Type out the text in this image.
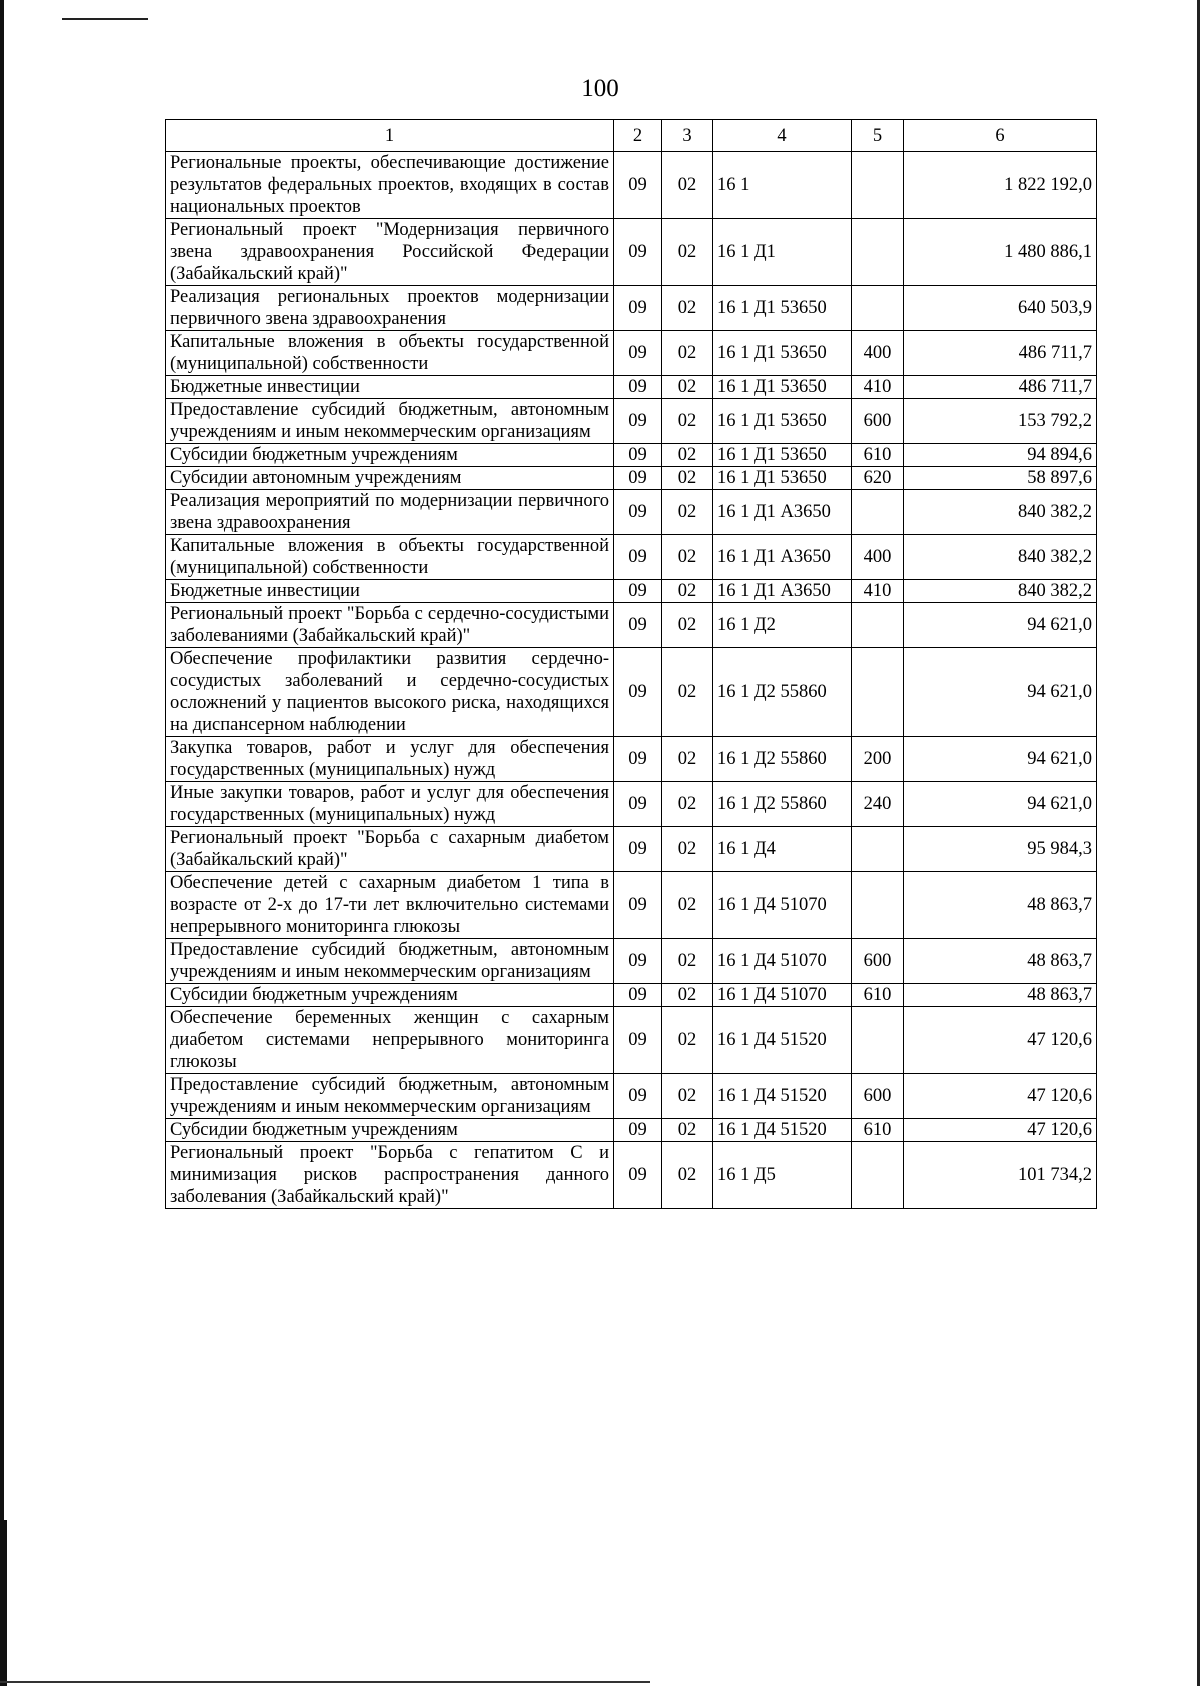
100
1	2	3	4	5	6
Региональные проекты, обеспечивающие достижение результатов федеральных проектов, входящих в состав национальных проектов	09	02	16 1		1 822 192,0
Региональный проект "Модернизация первичного звена здравоохранения Российской Федерации (Забайкальский край)"	09	02	16 1 Д1		1 480 886,1
Реализация региональных проектов модернизации первичного звена здравоохранения	09	02	16 1 Д1 53650		640 503,9
Капитальные вложения в объекты государственной (муниципальной) собственности	09	02	16 1 Д1 53650	400	486 711,7
Бюджетные инвестиции	09	02	16 1 Д1 53650	410	486 711,7
Предоставление субсидий бюджетным, автономным учреждениям и иным некоммерческим организациям	09	02	16 1 Д1 53650	600	153 792,2
Субсидии бюджетным учреждениям	09	02	16 1 Д1 53650	610	94 894,6
Субсидии автономным учреждениям	09	02	16 1 Д1 53650	620	58 897,6
Реализация мероприятий по модернизации первичного звена здравоохранения	09	02	16 1 Д1 А3650		840 382,2
Капитальные вложения в объекты государственной (муниципальной) собственности	09	02	16 1 Д1 А3650	400	840 382,2
Бюджетные инвестиции	09	02	16 1 Д1 А3650	410	840 382,2
Региональный проект "Борьба с сердечно-сосудистыми заболеваниями (Забайкальский край)"	09	02	16 1 Д2		94 621,0
Обеспечение профилактики развития сердечно-сосудистых заболеваний и сердечно-сосудистых осложнений у пациентов высокого риска, находящихся на диспансерном наблюдении	09	02	16 1 Д2 55860		94 621,0
Закупка товаров, работ и услуг для обеспечения государственных (муниципальных) нужд	09	02	16 1 Д2 55860	200	94 621,0
Иные закупки товаров, работ и услуг для обеспечения государственных (муниципальных) нужд	09	02	16 1 Д2 55860	240	94 621,0
Региональный проект "Борьба с сахарным диабетом (Забайкальский край)"	09	02	16 1 Д4		95 984,3
Обеспечение детей с сахарным диабетом 1 типа в возрасте от 2-х до 17-ти лет включительно системами непрерывного мониторинга глюкозы	09	02	16 1 Д4 51070		48 863,7
Предоставление субсидий бюджетным, автономным учреждениям и иным некоммерческим организациям	09	02	16 1 Д4 51070	600	48 863,7
Субсидии бюджетным учреждениям	09	02	16 1 Д4 51070	610	48 863,7
Обеспечение беременных женщин с сахарным диабетом системами непрерывного мониторинга глюкозы	09	02	16 1 Д4 51520		47 120,6
Предоставление субсидий бюджетным, автономным учреждениям и иным некоммерческим организациям	09	02	16 1 Д4 51520	600	47 120,6
Субсидии бюджетным учреждениям	09	02	16 1 Д4 51520	610	47 120,6
Региональный проект "Борьба с гепатитом С и минимизация рисков распространения данного заболевания (Забайкальский край)"	09	02	16 1 Д5		101 734,2
